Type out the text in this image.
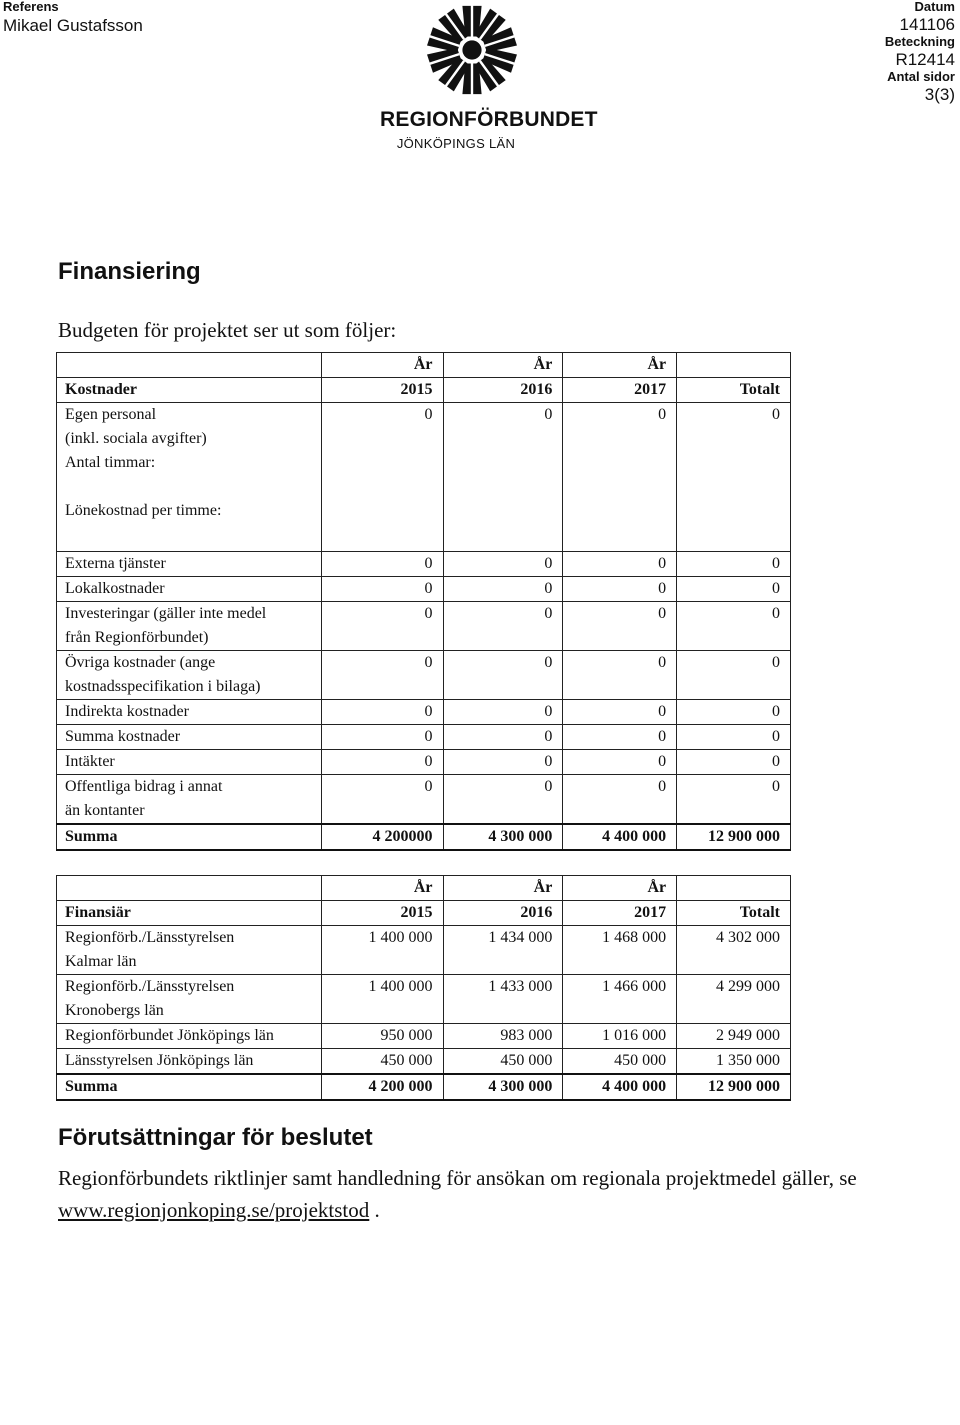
Referens
Mikael Gustafsson
REGIONFÖRBUNDET
JÖNKÖPINGS LÄN
Datum
141106
Beteckning
R12414
Antal sidor
3(3)
Finansiering
Budgeten för projektet ser ut som följer:
	År	År	År	
Kostnader	2015	2016	2017	Totalt

Egen personal
(inkl. sociala avgifter)
Antal timmar:
Lönekostnad per timme:	0	0	0	0
Externa tjänster	0	0	0	0
Lokalkostnader	0	0	0	0

Investeringar (gäller inte medel
från Regionförbundet)	0	0	0	0

Övriga kostnader (ange
kostnadsspecifikation i bilaga)	0	0	0	0
Indirekta kostnader	0	0	0	0
Summa kostnader	0	0	0	0
Intäkter	0	0	0	0

Offentliga bidrag i annat
än kontanter	0	0	0	0
Summa	4 200000	4 300 000	4 400 000	12 900 000
	År	År	År	
Finansiär	2015	2016	2017	Totalt

Regionförb./Länsstyrelsen
Kalmar län	1 400 000	1 434 000	1 468 000	4 302 000

Regionförb./Länsstyrelsen
Kronobergs län	1 400 000	1 433 000	1 466 000	4 299 000
Regionförbundet Jönköpings län	950 000	983 000	1 016 000	2 949 000
Länsstyrelsen Jönköpings län	450 000	450 000	450 000	1 350 000
Summa	4 200 000	4 300 000	4 400 000	12 900 000
Förutsättningar för beslutet
Regionförbundets riktlinjer samt handledning för ansökan om regionala projektmedel gäller, se www.regionjonkoping.se/projektstod .
